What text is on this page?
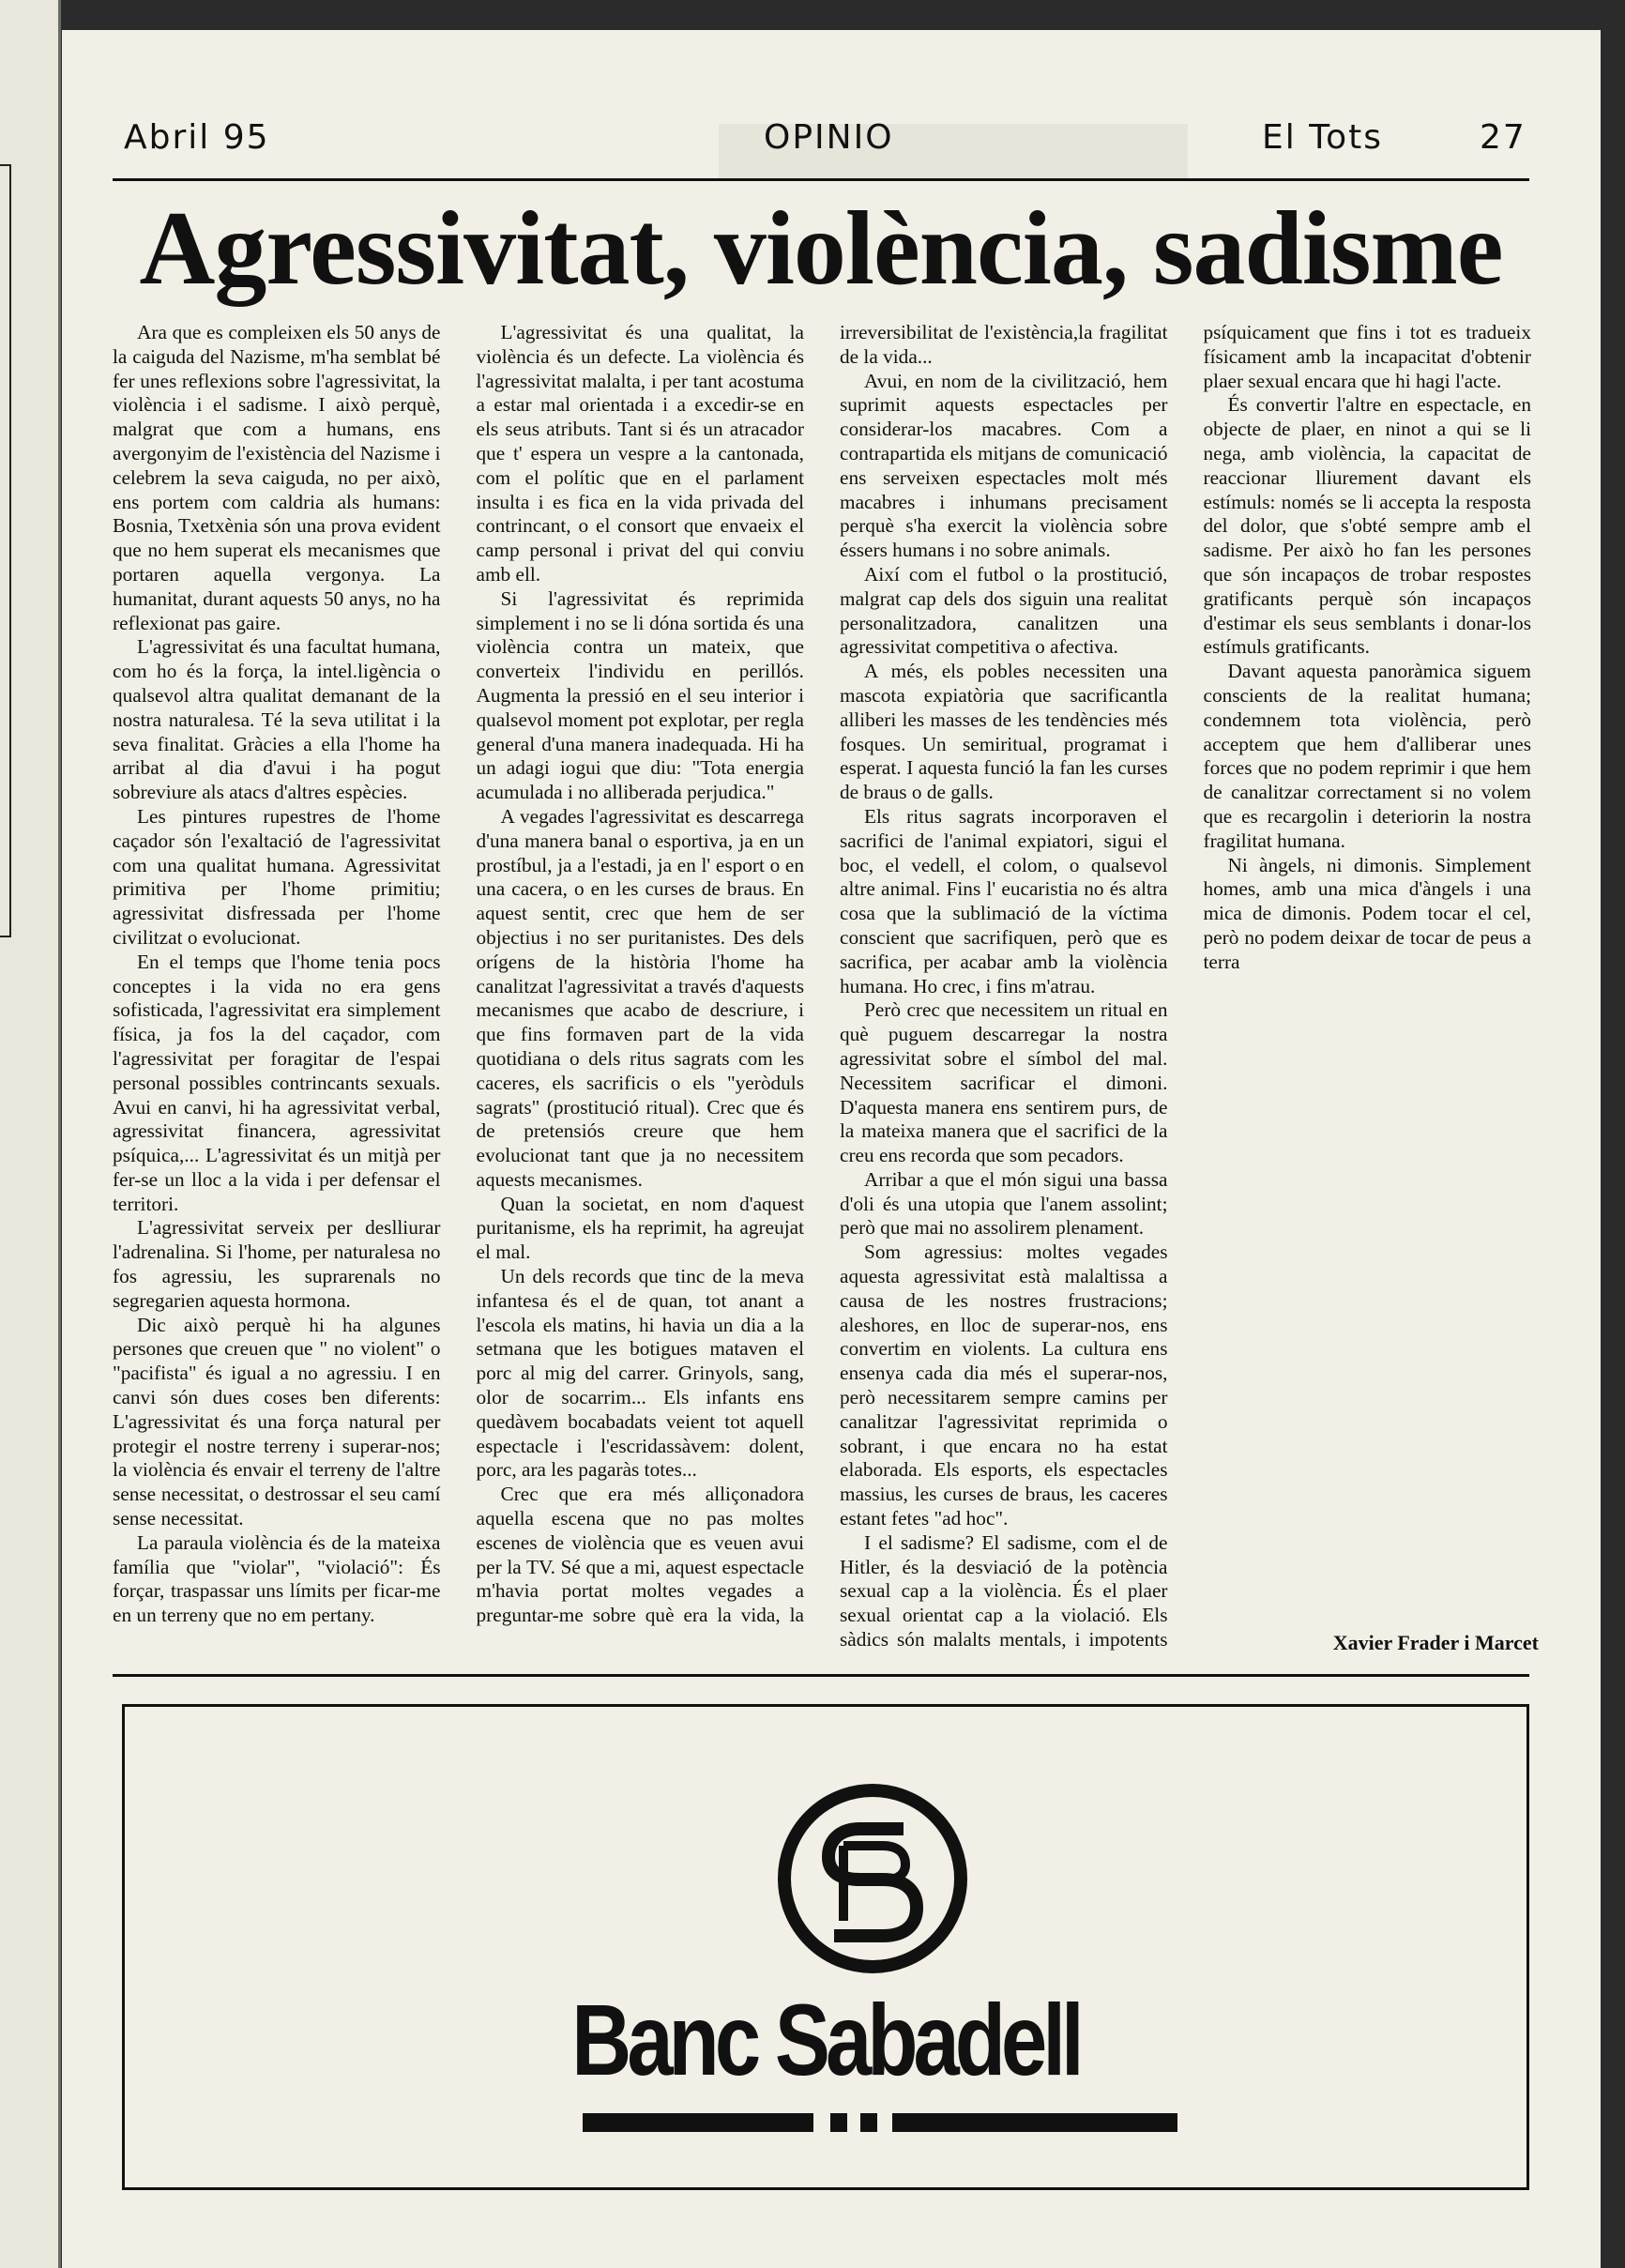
Abril 95	OPINIO	El Tots	27
Agressivitat, violència, sadisme

Ara que es compleixen els 50 anys de la caiguda del Nazisme, m'ha semblat bé fer unes reflexions sobre l'agressivitat, la violència i el sadisme. I això perquè, malgrat que com a humans, ens avergonyim de l'existència del Nazisme i celebrem la seva caiguda, no per això, ens portem com caldria als humans: Bosnia, Txetxènia són una prova evident que no hem superat els mecanismes que portaren aquella vergonya. La humanitat, durant aquests 50 anys, no ha reflexionat pas gaire.

L'agressivitat és una facultat humana, com ho és la força, la intel.ligència o qualsevol altra qualitat demanant de la nostra naturalesa. Té la seva utilitat i la seva finalitat. Gràcies a ella l'home ha arribat al dia d'avui i ha pogut sobreviure als atacs d'altres espècies.

Les pintures rupestres de l'home caçador són l'exaltació de l'agressivitat com una qualitat humana. Agressivitat primitiva per l'home primitiu; agressivitat disfressada per l'home civilitzat o evolucionat.

En el temps que l'home tenia pocs conceptes i la vida no era gens sofisticada, l'agressivitat era simplement física, ja fos la del caçador, com l'agressivitat per foragitar de l'espai personal possibles contrincants sexuals. Avui en canvi, hi ha agressivitat verbal, agressivitat financera, agressivitat psíquica,... L'agressivitat és un mitjà per fer-se un lloc a la vida i per defensar el territori.

L'agressivitat serveix per deslliurar l'adrenalina. Si l'home, per naturalesa no fos agressiu, les suprarenals no segregarien aquesta hormona.

Dic això perquè hi ha algunes persones que creuen que " no violent" o "pacifista" és igual a no agressiu. I en canvi són dues coses ben diferents: L'agressivitat és una força natural per protegir el nostre terreny i superar-nos; la violència és envair el terreny de l'altre sense necessitat, o destrossar el seu camí sense necessitat.

La paraula violència és de la mateixa família que "violar", "violació": És forçar, traspassar uns límits per ficar-me en un terreny que no em pertany.

L'agressivitat és una qualitat, la violència és un defecte. La violència és l'agressivitat malalta, i per tant acostuma a estar mal orientada i a excedir-se en els seus atributs. Tant si és un atracador que t' espera un vespre a la cantonada, com el polític que en el parlament insulta i es fica en la vida privada del contrincant, o el consort que envaeix el camp personal i privat del qui conviu amb ell.

Si l'agressivitat és reprimida simplement i no se li dóna sortida és una violència contra un mateix, que converteix l'individu en perillós. Augmenta la pressió en el seu interior i qualsevol moment pot explotar, per regla general d'una manera inadequada. Hi ha un adagi iogui que diu: "Tota energia acumulada i no alliberada perjudica."

A vegades l'agressivitat es descarrega d'una manera banal o esportiva, ja en un prostíbul, ja a l'estadi, ja en l' esport o en una cacera, o en les curses de braus. En aquest sentit, crec que hem de ser objectius i no ser puritanistes. Des dels orígens de la història l'home ha canalitzat l'agressivitat a través d'aquests mecanismes que acabo de descriure, i que fins formaven part de la vida quotidiana o dels ritus sagrats com les caceres, els sacrificis o els "yeròduls sagrats" (prostitució ritual). Crec que és de pretensiós creure que hem evolucionat tant que ja no necessitem aquests mecanismes.

Quan la societat, en nom d'aquest puritanisme, els ha reprimit, ha agreujat el mal.

Un dels records que tinc de la meva infantesa és el de quan, tot anant a l'escola els matins, hi havia un dia a la setmana que les botigues mataven el porc al mig del carrer. Grinyols, sang, olor de socarrim... Els infants ens quedàvem bocabadats veient tot aquell espectacle i l'escridassàvem: dolent, porc, ara les pagaràs totes...

Crec que era més alliçonadora aquella escena que no pas moltes escenes de violència que es veuen avui per la TV. Sé que a mi, aquest espectacle m'havia portat moltes vegades a preguntar-me sobre què era la vida, la irreversibilitat de l'existència,la fragilitat de la vida...

Avui, en nom de la civilització, hem suprimit aquests espectacles per considerar-los macabres. Com a contrapartida els mitjans de comunicació ens serveixen espectacles molt més macabres i inhumans precisament perquè s'ha exercit la violència sobre éssers humans i no sobre animals.

Així com el futbol o la prostitució, malgrat cap dels dos siguin una realitat personalitzadora, canalitzen una agressivitat competitiva o afectiva.

A més, els pobles necessiten una mascota expiatòria que sacrificantla alliberi les masses de les tendències més fosques. Un semiritual, programat i esperat. I aquesta funció la fan les curses de braus o de galls.

Els ritus sagrats incorporaven el sacrifici de l'animal expiatori, sigui el boc, el vedell, el colom, o qualsevol altre animal. Fins l' eucaristia no és altra cosa que la sublimació de la víctima conscient que sacrifiquen, però que es sacrifica, per acabar amb la violència humana. Ho crec, i fins m'atrau.

Però crec que necessitem un ritual en què puguem descarregar la nostra agressivitat sobre el símbol del mal. Necessitem sacrificar el dimoni. D'aquesta manera ens sentirem purs, de la mateixa manera que el sacrifici de la creu ens recorda que som pecadors.

Arribar a que el món sigui una bassa d'oli és una utopia que l'anem assolint; però que mai no assolirem plenament.

Som agressius: moltes vegades aquesta agressivitat està malaltissa a causa de les nostres frustracions; aleshores, en lloc de superar-nos, ens convertim en violents. La cultura ens ensenya cada dia més el superar-nos, però necessitarem sempre camins per canalitzar l'agressivitat reprimida o sobrant, i que encara no ha estat elaborada. Els esports, els espectacles massius, les curses de braus, les caceres estant fetes "ad hoc".

I el sadisme? El sadisme, com el de Hitler, és la desviació de la potència sexual cap a la violència. És el plaer sexual orientat cap a la violació. Els sàdics són malalts mentals, i impotents psíquicament que fins i tot es tradueix físicament amb la incapacitat d'obtenir plaer sexual encara que hi hagi l'acte.

És convertir l'altre en espectacle, en objecte de plaer, en ninot a qui se li nega, amb violència, la capacitat de reaccionar lliurement davant els estímuls: només se li accepta la resposta del dolor, que s'obté sempre amb el sadisme. Per això ho fan les persones que són incapaços de trobar respostes gratificants perquè són incapaços d'estimar els seus semblants i donar-los estímuls gratificants.

Davant aquesta panoràmica siguem conscients de la realitat humana; condemnem tota violència, però acceptem que hem d'alliberar unes forces que no podem reprimir i que hem de canalitzar correctament si no volem que es recargolin i deteriorin la nostra fragilitat humana.

Ni àngels, ni dimonis. Simplement homes, amb una mica d'àngels i una mica de dimonis. Podem tocar el cel, però no podem deixar de tocar de peus a terra

Xavier Frader i Marcet
Banc Sabadell
